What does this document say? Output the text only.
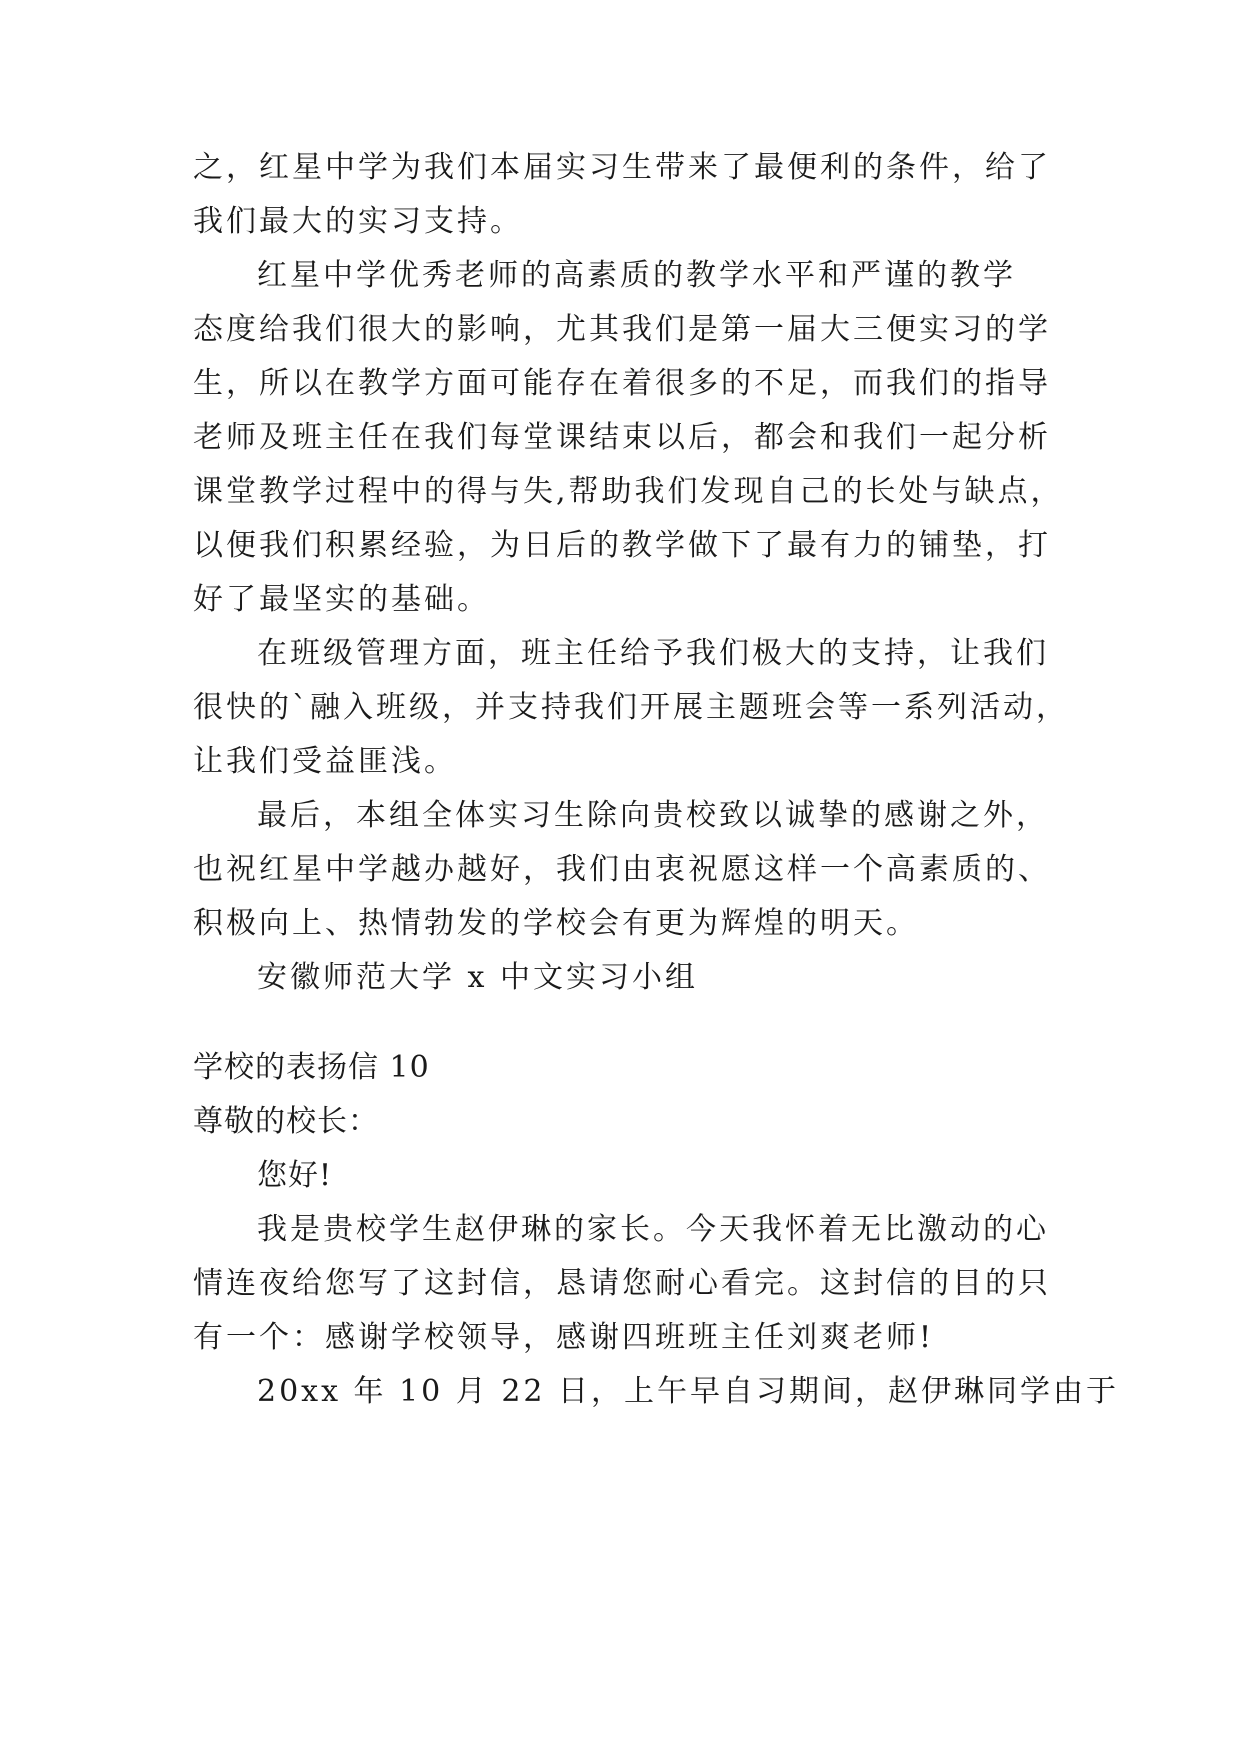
之，红星中学为我们本届实习生带来了最便利的条件，给了
我们最大的实习支持。
红星中学优秀老师的高素质的教学水平和严谨的教学
态度给我们很大的影响，尤其我们是第一届大三便实习的学
生，所以在教学方面可能存在着很多的不足，而我们的指导
老师及班主任在我们每堂课结束以后，都会和我们一起分析
课堂教学过程中的得与失,帮助我们发现自己的长处与缺点，
以便我们积累经验，为日后的教学做下了最有力的铺垫，打
好了最坚实的基础。
在班级管理方面，班主任给予我们极大的支持，让我们
很快的`融入班级，并支持我们开展主题班会等一系列活动，
让我们受益匪浅。
最后，本组全体实习生除向贵校致以诚挚的感谢之外，
也祝红星中学越办越好，我们由衷祝愿这样一个高素质的、
积极向上、热情勃发的学校会有更为辉煌的明天。
安徽师范大学 x 中文实习小组
学校的表扬信 10
尊敬的校长：
您好!
我是贵校学生赵伊琳的家长。今天我怀着无比激动的心
情连夜给您写了这封信，恳请您耐心看完。这封信的目的只
有一个：感谢学校领导，感谢四班班主任刘爽老师!
20xx 年 10 月 22 日，上午早自习期间，赵伊琳同学由于
